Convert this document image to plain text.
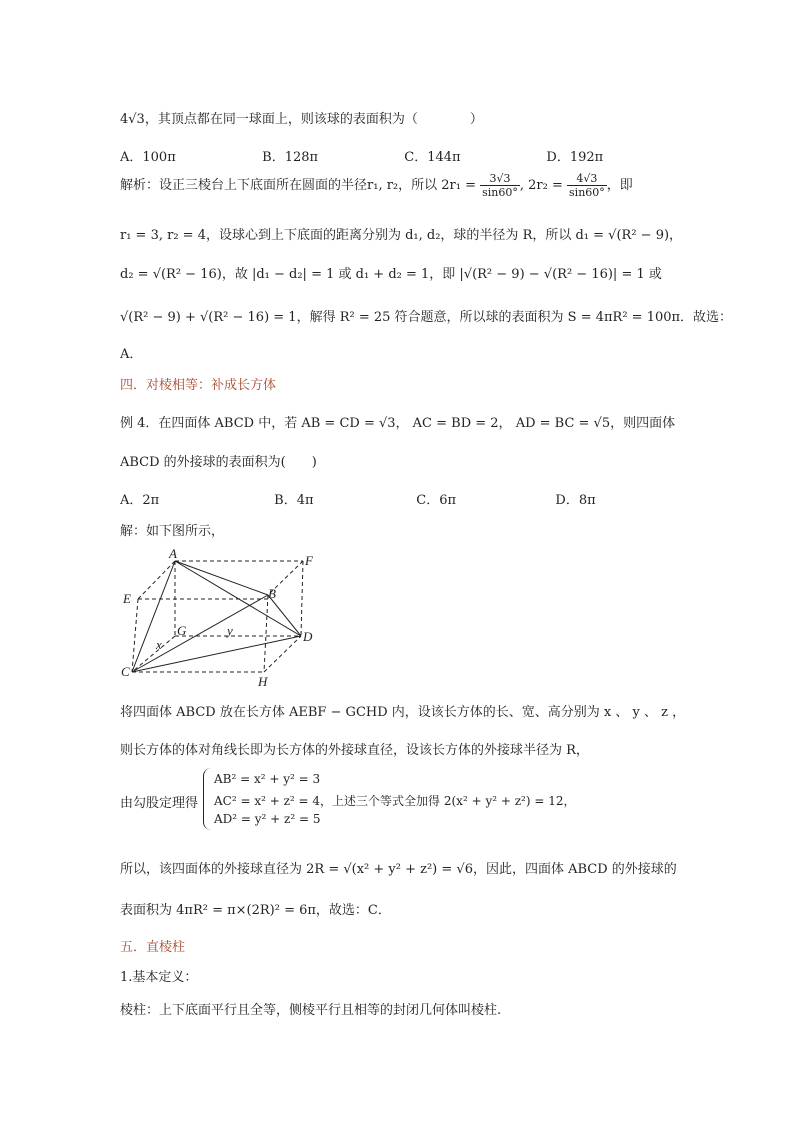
4√3，其顶点都在同一球面上，则该球的表面积为（　　　　）
A．100π	B．128π	C．144π	D．192π
解析：设正三棱台上下底面所在圆面的半径r₁, r₂，所以 $2r_1 = \frac{3√3}{\sin 60^\circ}$ , $2r_2 = \frac{4√3}{\sin 60^\circ}$ ，即
r₁ = 3, r₂ = 4，设球心到上下底面的距离分别为 d₁, d₂，球的半径为 R，所以 d₁ = √(R² − 9)，
d₂ = √(R² − 16)，故 |d₁ − d₂| = 1 或 d₁ + d₂ = 1，即 |√(R² − 9) − √(R² − 16)| = 1 或
√(R² − 9) + √(R² − 16) = 1，解得 R² = 25 符合题意，所以球的表面积为 S = 4πR² = 100π．故选：
A．
四．对棱相等：补成长方体
例 4．在四面体 ABCD 中，若 AB = CD = √3， AC = BD = 2， AD = BC = √5，则四面体
ABCD 的外接球的表面积为(　　)
A．2π	B．4π	C．6π	D．8π
解：如下图所示，
A	F
E	B
G	y
x
D
C
H
将四面体 ABCD 放在长方体 AEBF − GCHD 内，设该长方体的长、宽、高分别为 x 、 y 、 z ，
则长方体的体对角线长即为长方体的外接球直径，设该长方体的外接球半径为 R，
由勾股定理得
AB² = x² + y² = 3
AC² = x² + z² = 4，上述三个等式全加得 2(x² + y² + z²) = 12，
AD² = y² + z² = 5
所以，该四面体的外接球直径为 2R = √(x² + y² + z²) = √6，因此，四面体 ABCD 的外接球的
表面积为 4πR² = π×(2R)² = 6π，故选：C．
五．直棱柱
1.基本定义：
棱柱：上下底面平行且全等，侧棱平行且相等的封闭几何体叫棱柱.
